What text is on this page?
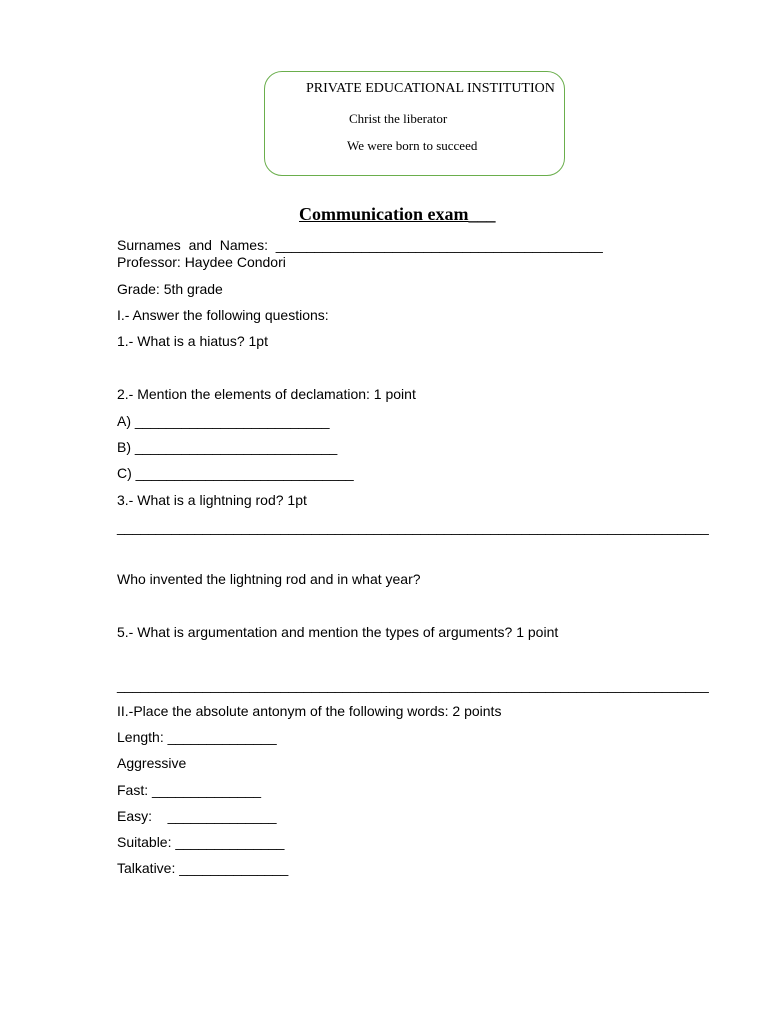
PRIVATE EDUCATIONAL INSTITUTION
Christ the liberator
We were born to succeed
Communication exam___
Surnames  and  Names:  __________________________________________
Professor: Haydee Condori
Grade: 5th grade
I.- Answer the following questions:
1.- What is a hiatus? 1pt
2.- Mention the elements of declamation: 1 point
A) _________________________
B) __________________________
C) ____________________________
3.- What is a lightning rod? 1pt
____________________________________________________________________________
Who invented the lightning rod and in what year?
5.- What is argumentation and mention the types of arguments? 1 point
____________________________________________________________________________
II.-Place the absolute antonym of the following words: 2 points
Length: ______________
Aggressive
Fast: ______________
Easy:    ______________
Suitable: ______________
Talkative: ______________
